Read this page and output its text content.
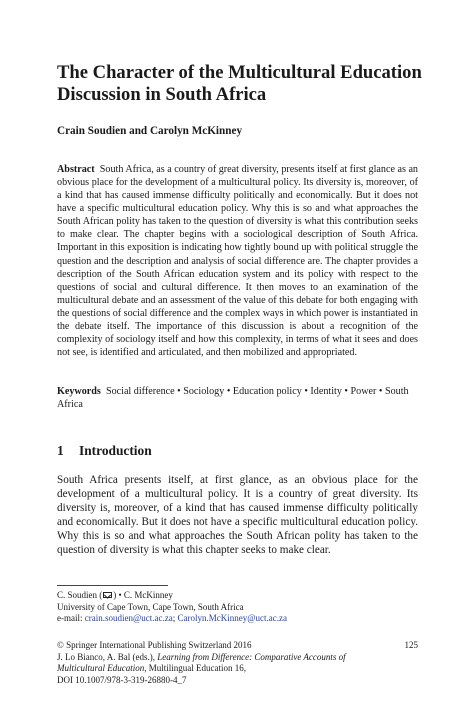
The Character of the Multicultural Education Discussion in South Africa
Crain Soudien and Carolyn McKinney

Abstract South Africa, as a country of great diversity, presents itself at first glance as an obvious place for the development of a multicultural policy. Its diversity is, moreover, of a kind that has caused immense difficulty politically and economically. But it does not have a specific multicultural education policy. Why this is so and what approaches the South African polity has taken to the question of diversity is what this contribution seeks to make clear. The chapter begins with a sociological description of South Africa. Important in this exposition is indicating how tightly bound up with political struggle the question and the description and analysis of social difference are. The chapter provides a description of the South African education system and its policy with respect to the questions of social and cultural difference. It then moves to an examination of the multicultural debate and an assessment of the value of this debate for both engaging with the questions of social difference and the complex ways in which power is instantiated in the debate itself. The importance of this discussion is about a recognition of the complexity of sociology itself and how this complexity, in terms of what it sees and does not see, is identified and articulated, and then mobilized and appropriated.

Keywords Social difference • Sociology • Education policy • Identity • Power • South Africa

1 Introduction

South Africa presents itself, at first glance, as an obvious place for the development of a multicultural policy. It is a country of great diversity. Its diversity is, moreover, of a kind that has caused immense difficulty politically and economically. But it does not have a specific multicultural education policy. Why this is so and what approaches the South African polity has taken to the question of diversity is what this chapter seeks to make clear.

C. Soudien ( ) • C. McKinney
University of Cape Town, Cape Town, South Africa
e-mail: crain.soudien@uct.ac.za; Carolyn.McKinney@uct.ac.za
© Springer International Publishing Switzerland 2016
J. Lo Bianco, A. Bal (eds.), Learning from Difference: Comparative Accounts of
Multicultural Education, Multilingual Education 16,
DOI 10.1007/978-3-319-26880-4_7
125
